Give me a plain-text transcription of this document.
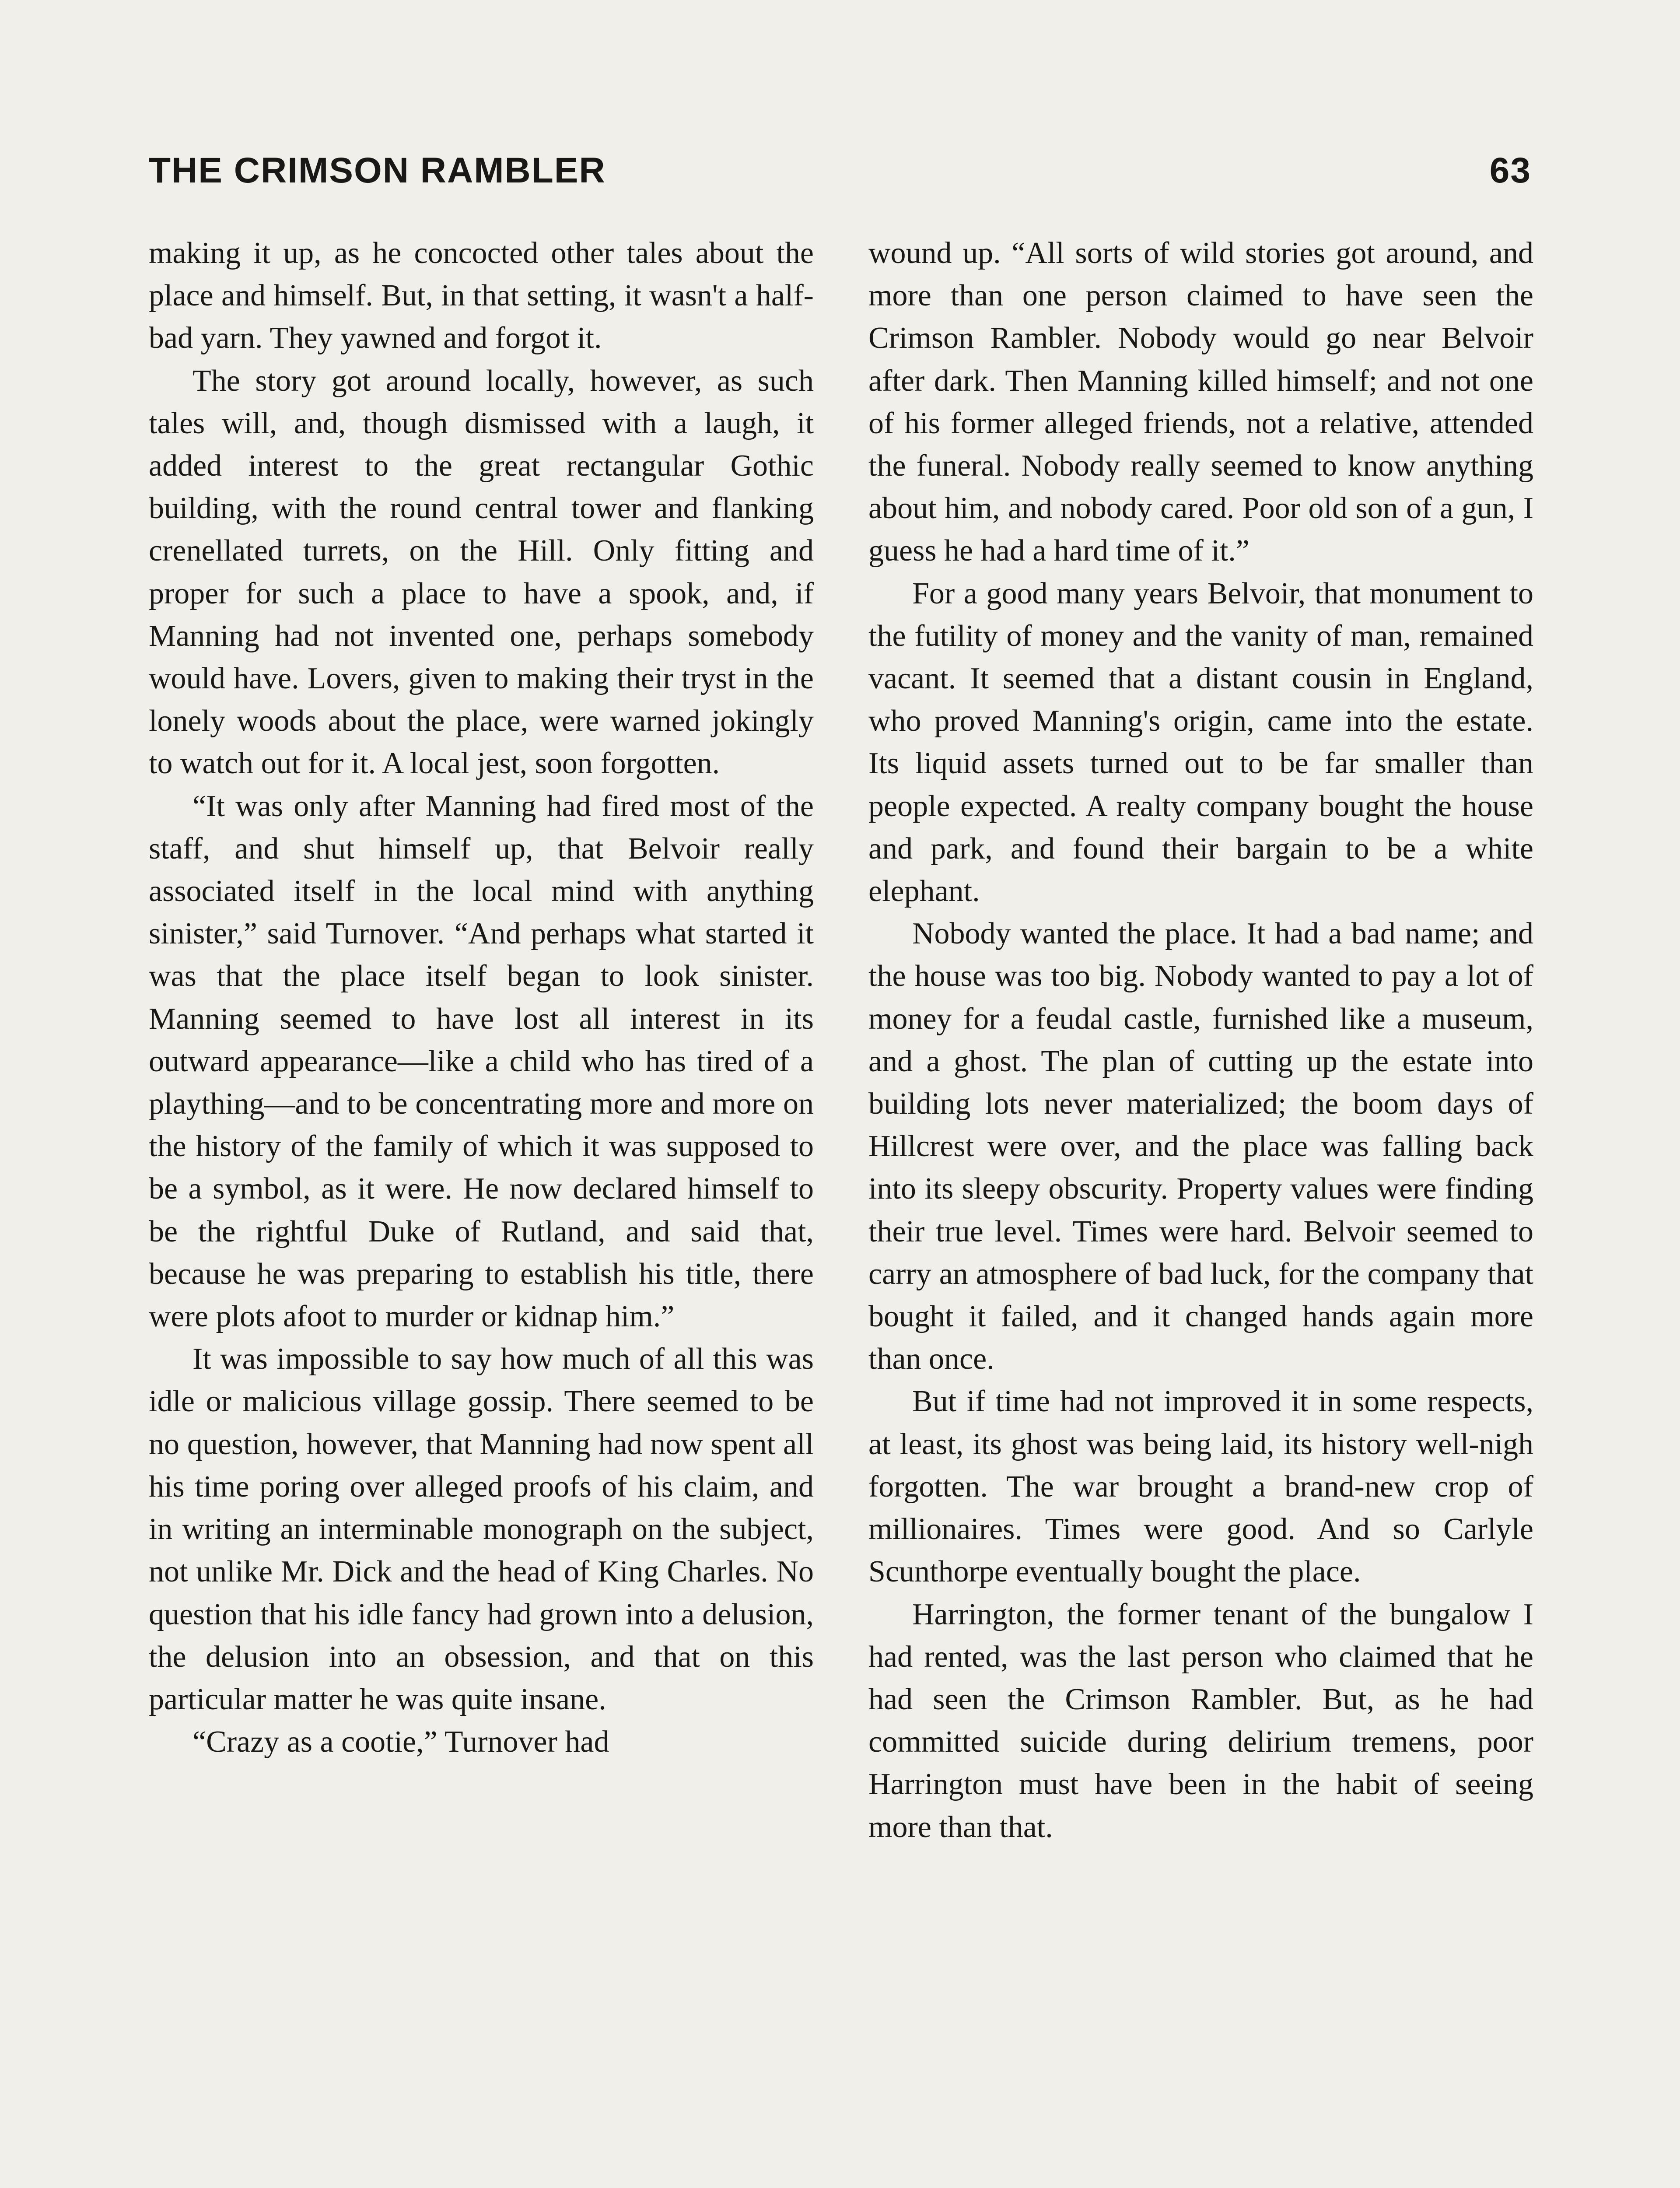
THE CRIMSON RAMBLER	63

making it up, as he concocted other tales about the place and himself. But, in that setting, it wasn't a half-bad yarn. They yawned and forgot it.

The story got around locally, however, as such tales will, and, though dismissed with a laugh, it added interest to the great rectangular Gothic building, with the round central tower and flanking crenellated turrets, on the Hill. Only fitting and proper for such a place to have a spook, and, if Manning had not invented one, perhaps somebody would have. Lovers, given to making their tryst in the lonely woods about the place, were warned jokingly to watch out for it. A local jest, soon forgotten.

“It was only after Manning had fired most of the staff, and shut himself up, that Belvoir really associated itself in the local mind with anything sinister,” said Turnover. “And perhaps what started it was that the place itself began to look sinister. Manning seemed to have lost all interest in its outward appearance—like a child who has tired of a plaything—and to be concentrating more and more on the history of the family of which it was supposed to be a symbol, as it were. He now declared himself to be the rightful Duke of Rutland, and said that, because he was preparing to establish his title, there were plots afoot to murder or kidnap him.”

It was impossible to say how much of all this was idle or malicious village gossip. There seemed to be no question, however, that Manning had now spent all his time poring over alleged proofs of his claim, and in writing an interminable monograph on the subject, not unlike Mr. Dick and the head of King Charles. No question that his idle fancy had grown into a delusion, the delusion into an obsession, and that on this particular matter he was quite insane.

“Crazy as a cootie,” Turnover had

wound up. “All sorts of wild stories got around, and more than one person claimed to have seen the Crimson Rambler. Nobody would go near Belvoir after dark. Then Manning killed himself; and not one of his former alleged friends, not a relative, attended the funeral. Nobody really seemed to know anything about him, and nobody cared. Poor old son of a gun, I guess he had a hard time of it.”

For a good many years Belvoir, that monument to the futility of money and the vanity of man, remained vacant. It seemed that a distant cousin in England, who proved Manning's origin, came into the estate. Its liquid assets turned out to be far smaller than people expected. A realty company bought the house and park, and found their bargain to be a white elephant.

Nobody wanted the place. It had a bad name; and the house was too big. Nobody wanted to pay a lot of money for a feudal castle, furnished like a museum, and a ghost. The plan of cutting up the estate into building lots never materialized; the boom days of Hillcrest were over, and the place was falling back into its sleepy obscurity. Property values were finding their true level. Times were hard. Belvoir seemed to carry an atmosphere of bad luck, for the company that bought it failed, and it changed hands again more than once.

But if time had not improved it in some respects, at least, its ghost was being laid, its history well-nigh forgotten. The war brought a brand-new crop of millionaires. Times were good. And so Carlyle Scunthorpe eventually bought the place.

Harrington, the former tenant of the bungalow I had rented, was the last person who claimed that he had seen the Crimson Rambler. But, as he had committed suicide during delirium tremens, poor Harrington must have been in the habit of seeing more than that.
